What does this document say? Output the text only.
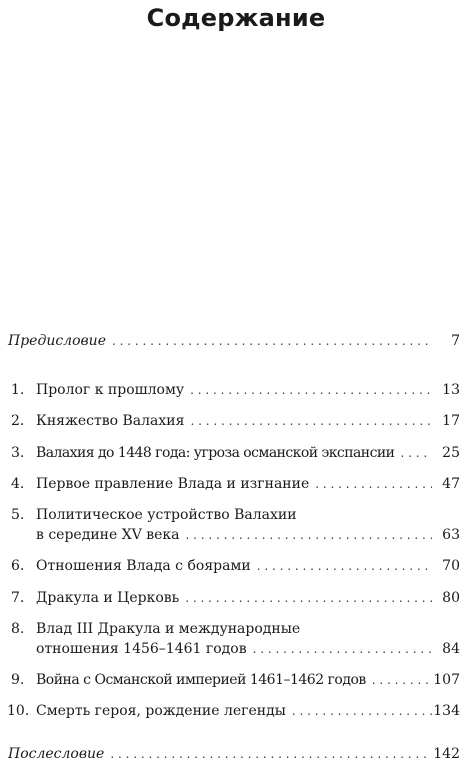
Содержание
Предисловие . . .	7
1. Пролог к прошлому . . .	13
2. Княжество Валахия . . .	17
3. Валахия до 1448 года: угроза османской экспансии . . .	25
4. Первое правление Влада и изгнание . . .	47
5. Политическое устройство Валахии
в середине XV века . . .	63
6. Отношения Влада с боярами . . .	70
7. Дракула и Церковь . . .	80
8. Влад III Дракула и международные
отношения 1456–1461 годов . . .	84
9. Война с Османской империей 1461–1462 годов . . .	107
10. Смерть героя, рождение легенды . . .	134
Послесловие . . .	142
